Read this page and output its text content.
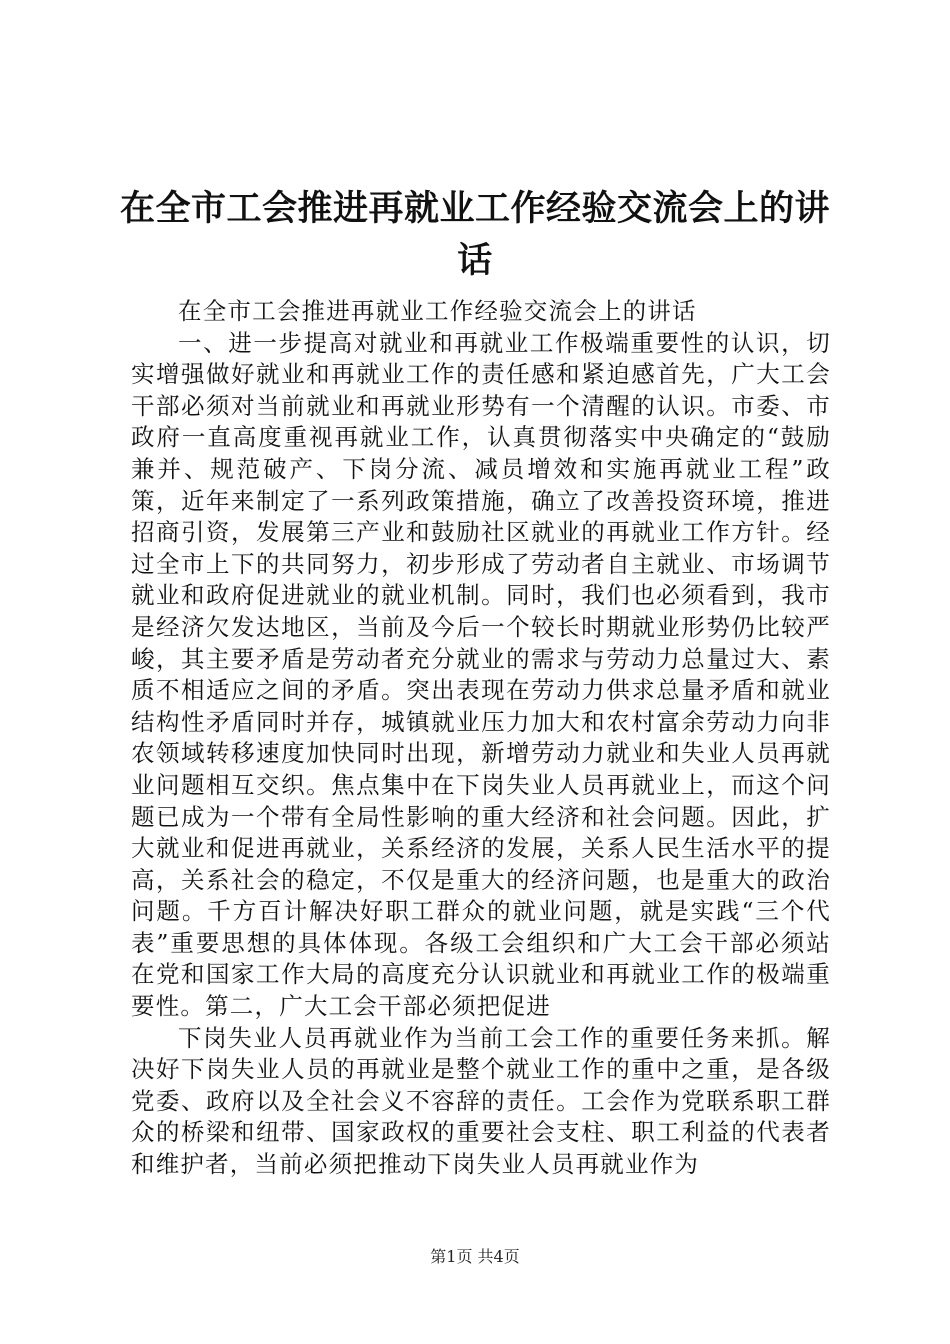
在全市工会推进再就业工作经验交流会上的讲话

在全市工会推进再就业工作经验交流会上的讲话

一、进一步提高对就业和再就业工作极端重要性的认识，切实增强做好就业和再就业工作的责任感和紧迫感首先，广大工会干部必须对当前就业和再就业形势有一个清醒的认识。市委、市政府一直高度重视再就业工作，认真贯彻落实中央确定的“鼓励兼并、规范破产、下岗分流、减员增效和实施再就业工程”政策，近年来制定了一系列政策措施，确立了改善投资环境，推进招商引资，发展第三产业和鼓励社区就业的再就业工作方针。经过全市上下的共同努力，初步形成了劳动者自主就业、市场调节就业和政府促进就业的就业机制。同时，我们也必须看到，我市是经济欠发达地区，当前及今后一个较长时期就业形势仍比较严峻，其主要矛盾是劳动者充分就业的需求与劳动力总量过大、素质不相适应之间的矛盾。突出表现在劳动力供求总量矛盾和就业结构性矛盾同时并存，城镇就业压力加大和农村富余劳动力向非农领域转移速度加快同时出现，新增劳动力就业和失业人员再就业问题相互交织。焦点集中在下岗失业人员再就业上，而这个问题已成为一个带有全局性影响的重大经济和社会问题。因此，扩大就业和促进再就业，关系经济的发展，关系人民生活水平的提高，关系社会的稳定，不仅是重大的经济问题，也是重大的政治问题。千方百计解决好职工群众的就业问题，就是实践“三个代表”重要思想的具体体现。各级工会组织和广大工会干部必须站在党和国家工作大局的高度充分认识就业和再就业工作的极端重要性。第二，广大工会干部必须把促进

下岗失业人员再就业作为当前工会工作的重要任务来抓。解决好下岗失业人员的再就业是整个就业工作的重中之重，是各级党委、政府以及全社会义不容辞的责任。工会作为党联系职工群众的桥梁和纽带、国家政权的重要社会支柱、职工利益的代表者和维护者，当前必须把推动下岗失业人员再就业作为

第1页 共4页
